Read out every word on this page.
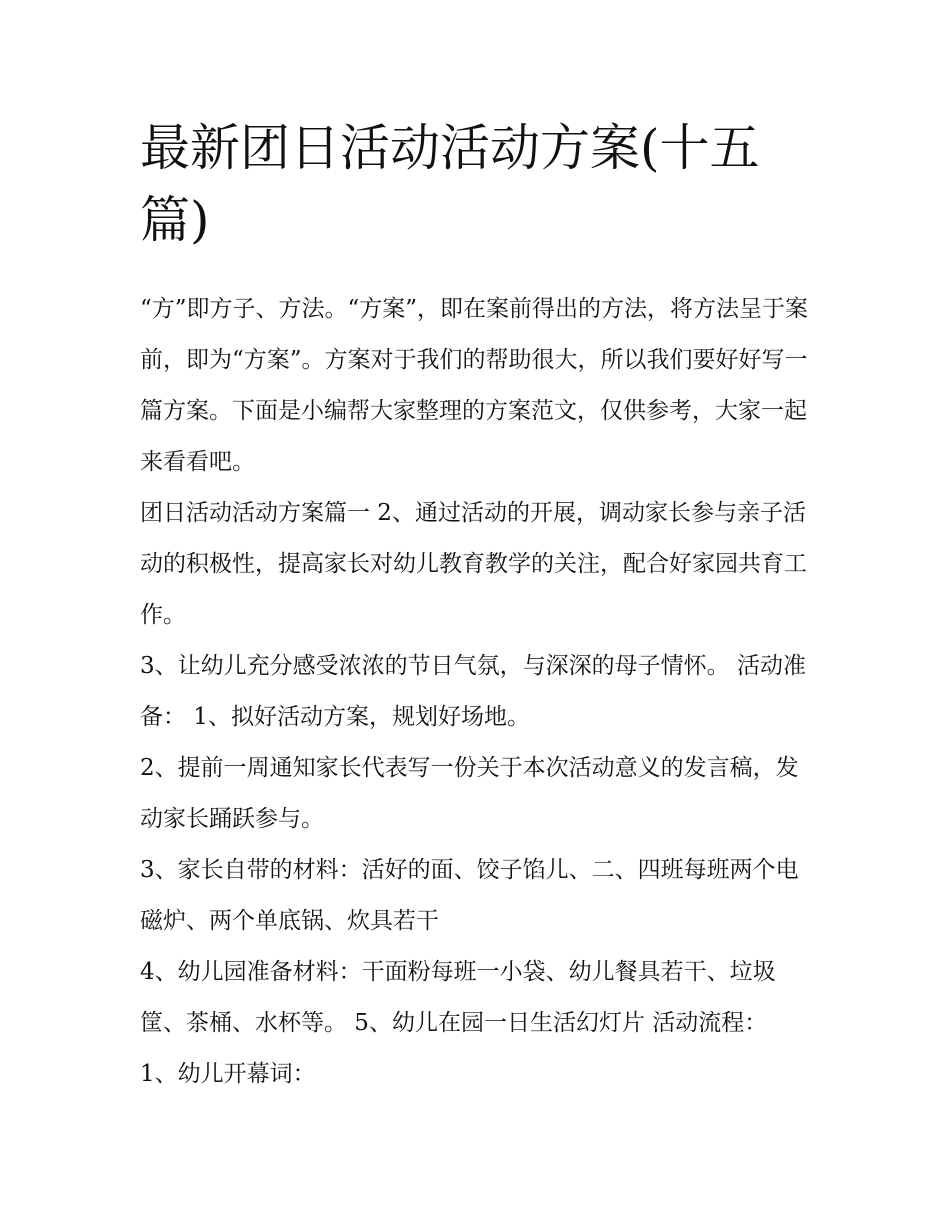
最新团日活动活动方案(十五篇)

“方”即方子、方法。“方案”，即在案前得出的方法，将方法呈于案前，即为“方案”。方案对于我们的帮助很大，所以我们要好好写一篇方案。下面是小编帮大家整理的方案范文，仅供参考，大家一起来看看吧。

团日活动活动方案篇一 2、通过活动的开展，调动家长参与亲子活动的积极性，提高家长对幼儿教育教学的关注，配合好家园共育工作。

3、让幼儿充分感受浓浓的节日气氛，与深深的母子情怀。 活动准备： 1、拟好活动方案，规划好场地。

2、提前一周通知家长代表写一份关于本次活动意义的发言稿，发动家长踊跃参与。

3、家长自带的材料：活好的面、饺子馅儿、二、四班每班两个电磁炉、两个单底锅、炊具若干

4、幼儿园准备材料：干面粉每班一小袋、幼儿餐具若干、垃圾筐、茶桶、水杯等。 5、幼儿在园一日生活幻灯片 活动流程： 1、幼儿开幕词：
